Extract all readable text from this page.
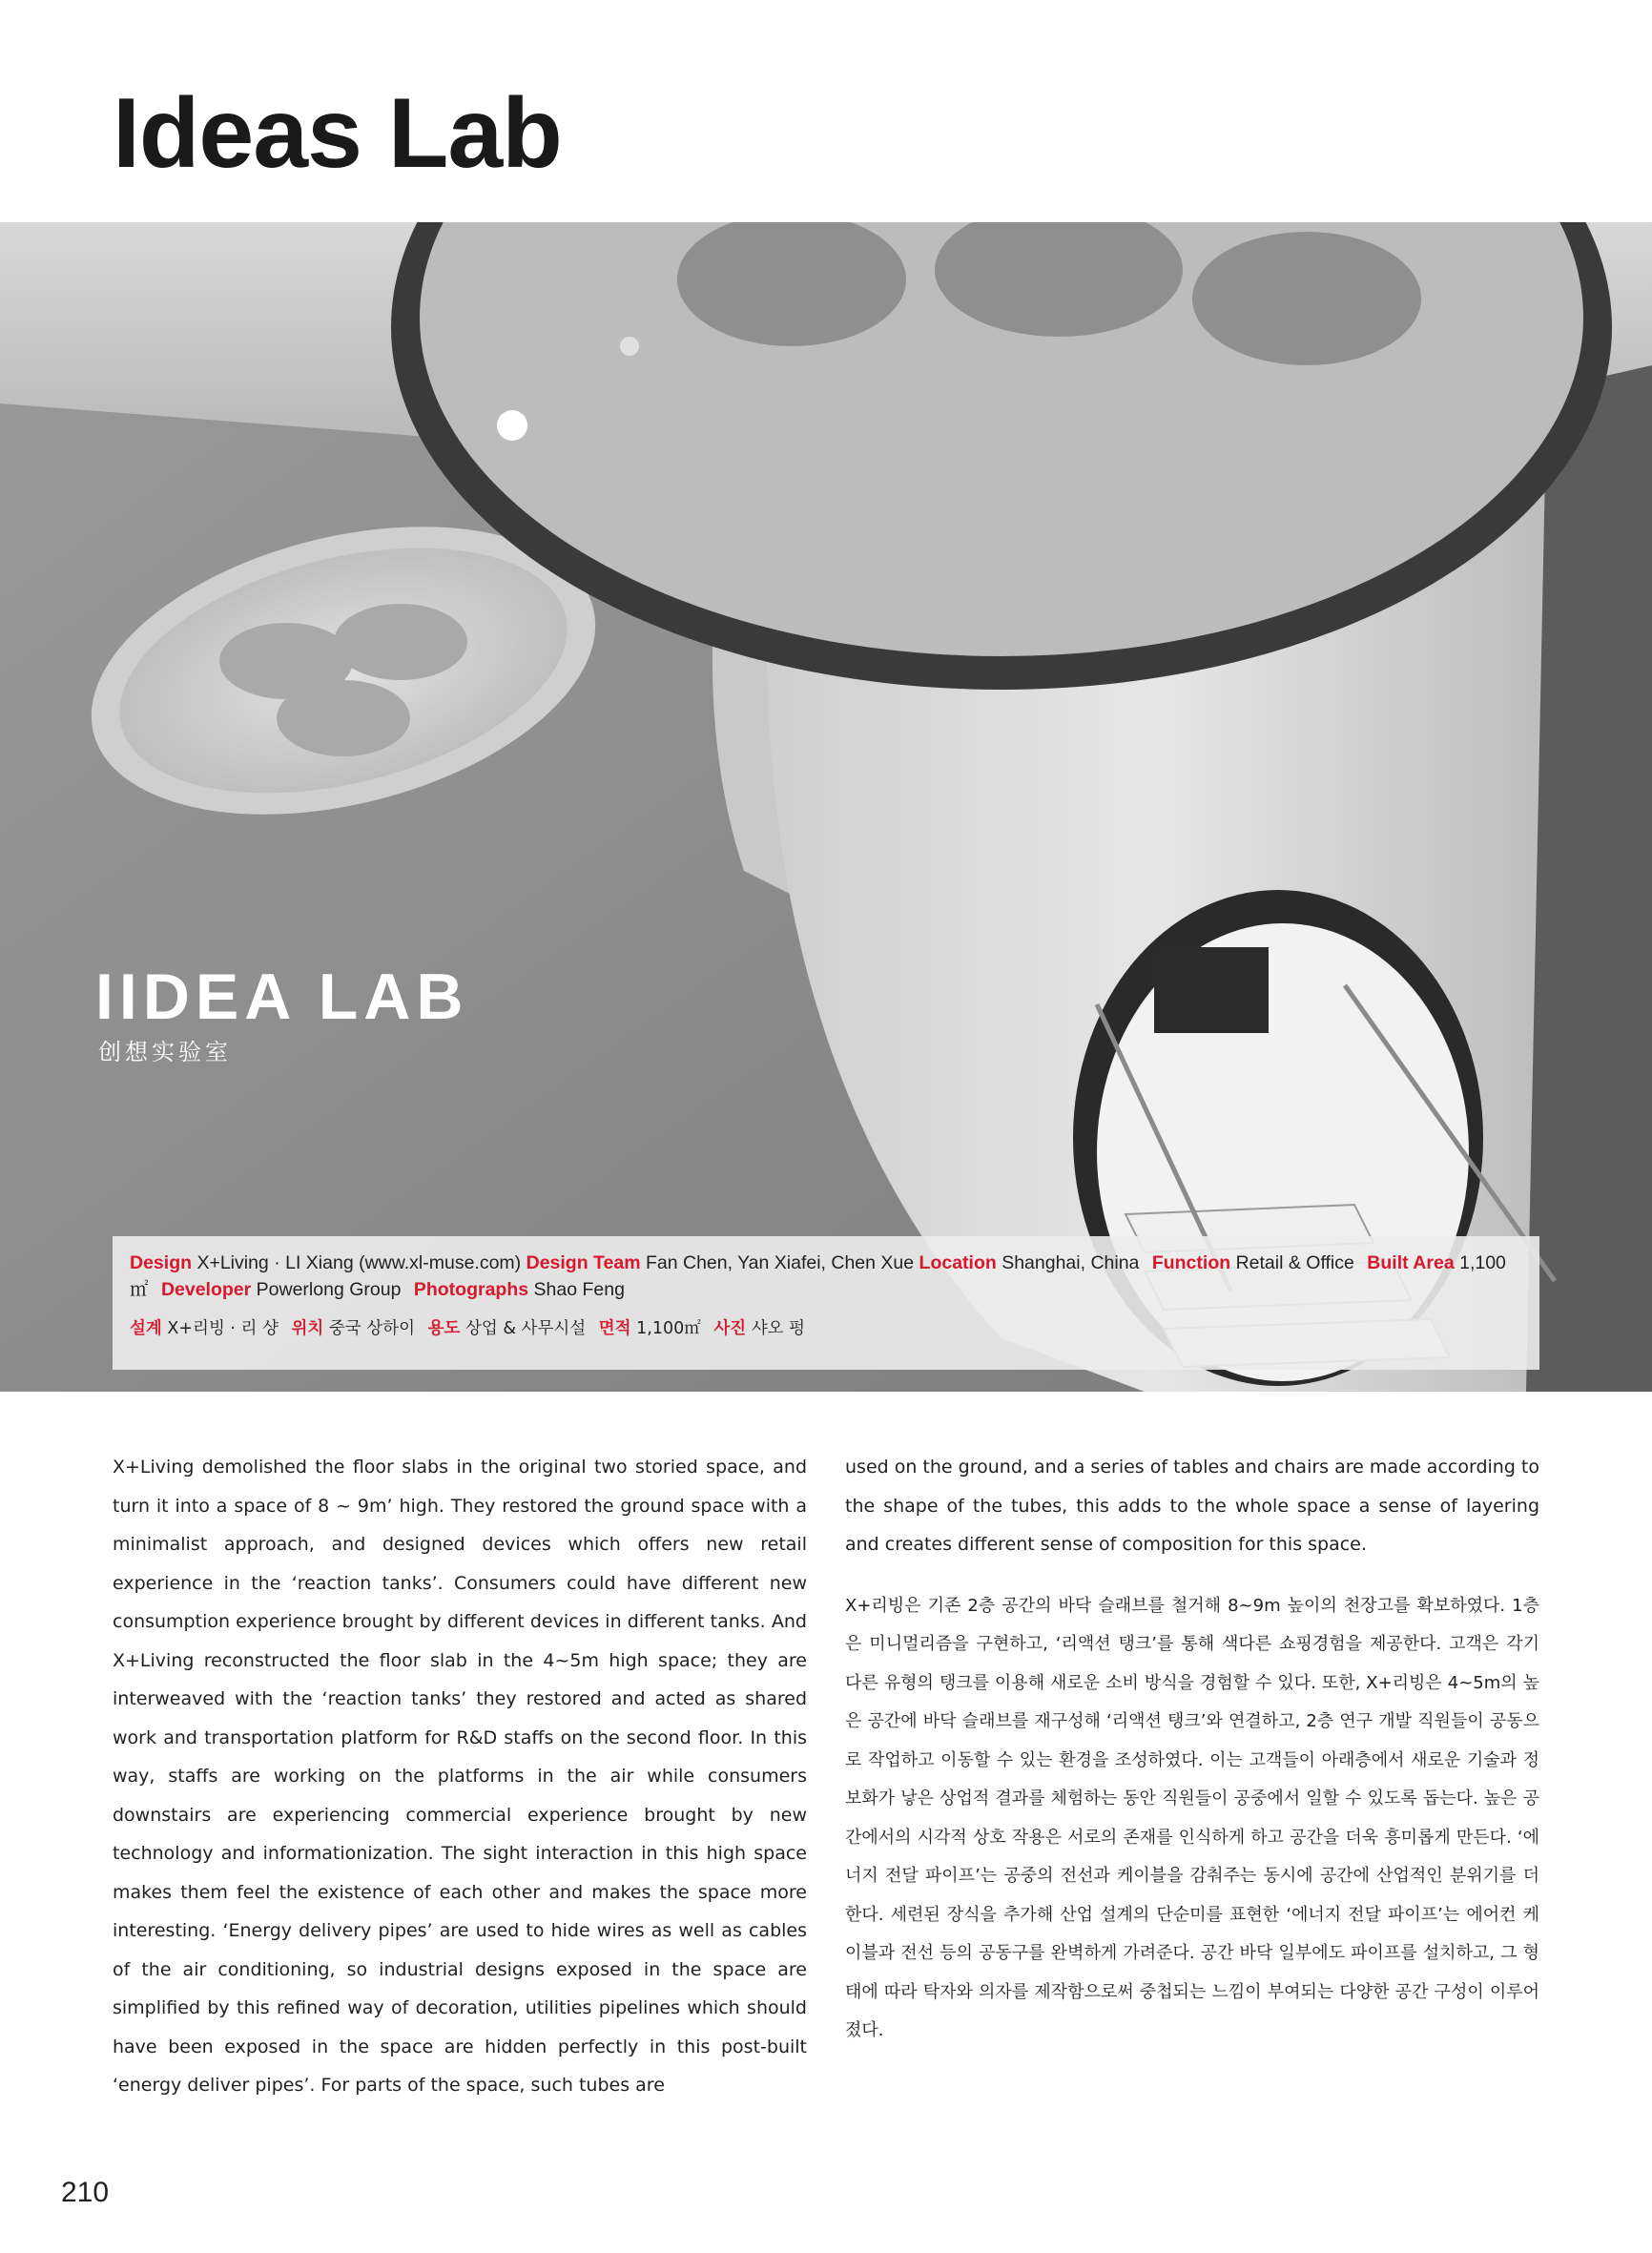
Ideas Lab
IIDEA LAB
创想实验室

Design X+Living · LI Xiang (www.xl-muse.com) Design Team Fan Chen, Yan Xiafei, Chen Xue Location Shanghai, China Function Retail & Office Built Area 1,100㎡ Developer Powerlong Group Photographs Shao Feng

설계 X+리빙 · 리 샹 위치 중국 상하이 용도 상업 & 사무시설 면적 1,100㎡ 사진 샤오 펑

X+Living demolished the floor slabs in the original two storied space, and turn it into a space of 8 ~ 9m’ high. They restored the ground space with a minimalist approach, and designed devices which offers new retail experience in the ‘reaction tanks’. Consumers could have different new consumption experience brought by different devices in different tanks. And X+Living reconstructed the floor slab in the 4~5m high space; they are interweaved with the ‘reaction tanks’ they restored and acted as shared work and transportation platform for R&D staffs on the second floor. In this way, staffs are working on the platforms in the air while consumers downstairs are experiencing commercial experience brought by new technology and informationization. The sight interaction in this high space makes them feel the existence of each other and makes the space more interesting. ‘Energy delivery pipes’ are used to hide wires as well as cables of the air conditioning, so industrial designs exposed in the space are simplified by this refined way of decoration, utilities pipelines which should have been exposed in the space are hidden perfectly in this post-built ‘energy deliver pipes’. For parts of the space, such tubes are

used on the ground, and a series of tables and chairs are made according to the shape of the tubes, this adds to the whole space a sense of layering and creates different sense of composition for this space.

X+리빙은 기존 2층 공간의 바닥 슬래브를 철거해 8~9m 높이의 천장고를 확보하였다. 1층은 미니멀리즘을 구현하고, ‘리액션 탱크’를 통해 색다른 쇼핑경험을 제공한다. 고객은 각기 다른 유형의 탱크를 이용해 새로운 소비 방식을 경험할 수 있다. 또한, X+리빙은 4~5m의 높은 공간에 바닥 슬래브를 재구성해 ‘리액션 탱크’와 연결하고, 2층 연구 개발 직원들이 공동으로 작업하고 이동할 수 있는 환경을 조성하였다. 이는 고객들이 아래층에서 새로운 기술과 정보화가 낳은 상업적 결과를 체험하는 동안 직원들이 공중에서 일할 수 있도록 돕는다. 높은 공간에서의 시각적 상호 작용은 서로의 존재를 인식하게 하고 공간을 더욱 흥미롭게 만든다. ‘에너지 전달 파이프’는 공중의 전선과 케이블을 감춰주는 동시에 공간에 산업적인 분위기를 더한다. 세련된 장식을 추가해 산업 설계의 단순미를 표현한 ‘에너지 전달 파이프’는 에어컨 케이블과 전선 등의 공동구를 완벽하게 가려준다. 공간 바닥 일부에도 파이프를 설치하고, 그 형태에 따라 탁자와 의자를 제작함으로써 중첩되는 느낌이 부여되는 다양한 공간 구성이 이루어졌다.

210
